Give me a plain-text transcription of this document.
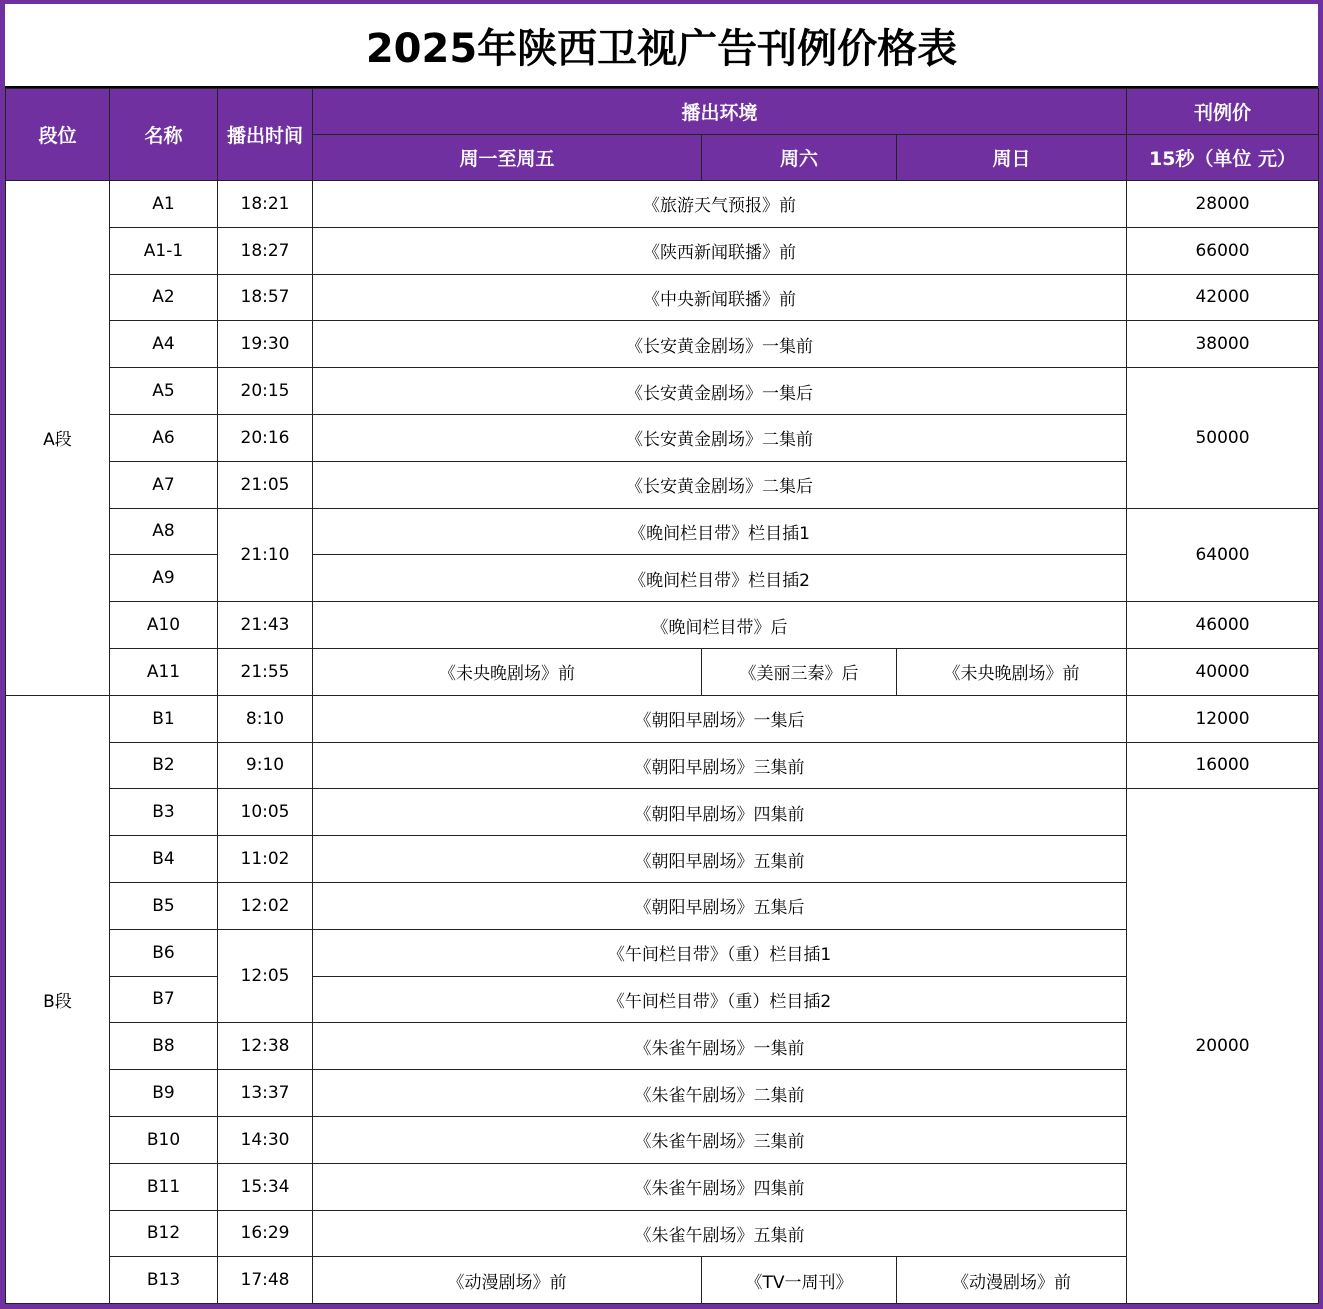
2025年陕西卫视广告刊例价格表
段位	名称	播出时间	播出环境			刊例价
			周一至周五	周六	周日	15秒（单位 元）
A段	A1	18:21	《旅游天气预报》前			28000
	A1-1	18:27	《陕西新闻联播》前			66000
	A2	18:57	《中央新闻联播》前			42000
	A4	19:30	《长安黄金剧场》一集前			38000
	A5	20:15	《长安黄金剧场》一集后			50000
	A6	20:16	《长安黄金剧场》二集前			
	A7	21:05	《长安黄金剧场》二集后			
	A8	21:10	《晚间栏目带》栏目插1			64000
	A9		《晚间栏目带》栏目插2			
	A10	21:43	《晚间栏目带》后			46000
	A11	21:55	《未央晚剧场》前	《美丽三秦》后	《未央晚剧场》前	40000
B段	B1	8:10	《朝阳早剧场》一集后			12000
	B2	9:10	《朝阳早剧场》三集前			16000
	B3	10:05	《朝阳早剧场》四集前			20000
	B4	11:02	《朝阳早剧场》五集前			
	B5	12:02	《朝阳早剧场》五集后			
	B6	12:05	《午间栏目带》（重）栏目插1			
	B7		《午间栏目带》（重）栏目插2			
	B8	12:38	《朱雀午剧场》一集前			
	B9	13:37	《朱雀午剧场》二集前			
	B10	14:30	《朱雀午剧场》三集前			
	B11	15:34	《朱雀午剧场》四集前			
	B12	16:29	《朱雀午剧场》五集前			
	B13	17:48	《动漫剧场》前	《TV一周刊》	《动漫剧场》前	
